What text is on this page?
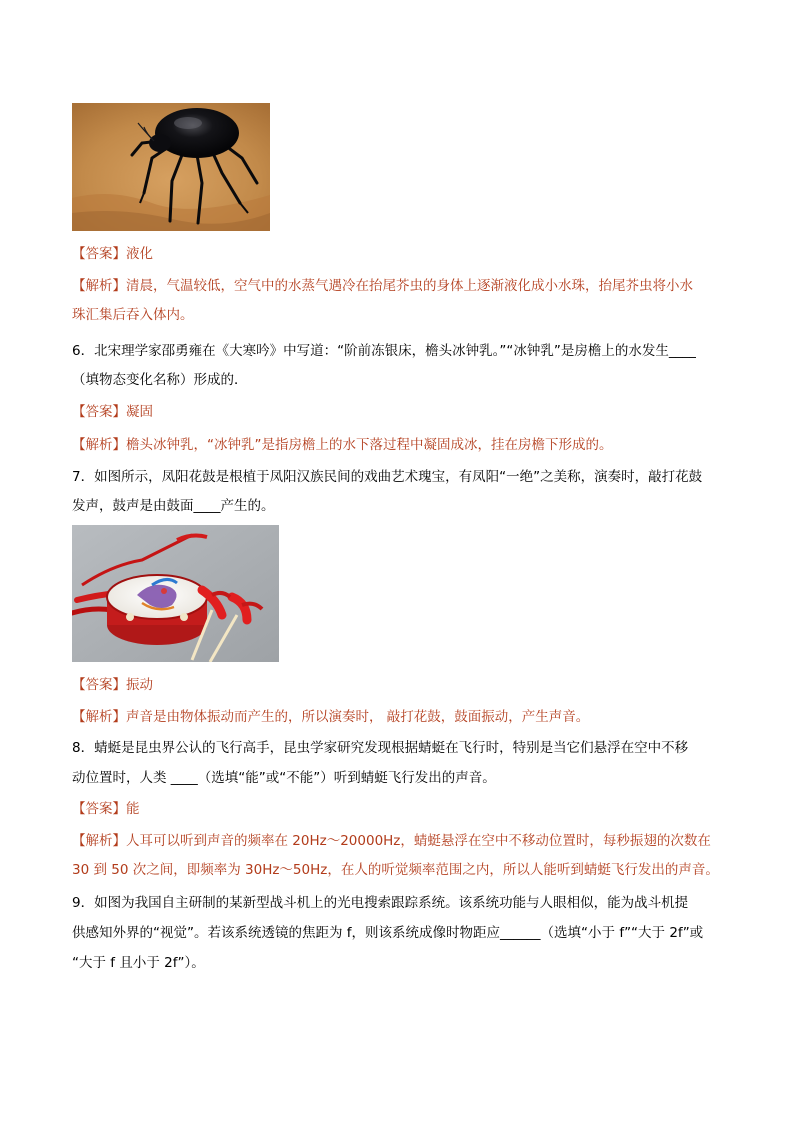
【答案】液化
【解析】清晨，气温较低，空气中的水蒸气遇冷在抬尾芥虫的身体上逐渐液化成小水珠，抬尾芥虫将小水
珠汇集后吞入体内。
6．北宋理学家邵勇雍在《大寒吟》中写道：“阶前冻银床，檐头冰钟乳。”“冰钟乳”是房檐上的水发生____
（填物态变化名称）形成的．
【答案】凝固
【解析】檐头冰钟乳，“冰钟乳”是指房檐上的水下落过程中凝固成冰，挂在房檐下形成的。
7．如图所示，凤阳花鼓是根植于凤阳汉族民间的戏曲艺术瑰宝，有凤阳“一绝”之美称，演奏时，敲打花鼓
发声，鼓声是由鼓面____产生的。
【答案】振动
【解析】声音是由物体振动而产生的，所以演奏时， 敲打花鼓，鼓面振动，产生声音。
8．蜻蜓是昆虫界公认的飞行高手，昆虫学家研究发现根据蜻蜓在飞行时，特别是当它们悬浮在空中不移
动位置时，人类 ____（选填“能”或“不能”）听到蜻蜓飞行发出的声音。
【答案】能
【解析】人耳可以听到声音的频率在 20Hz～20000Hz，蜻蜓悬浮在空中不移动位置时，每秒振翅的次数在
30 到 50 次之间，即频率为 30Hz～50Hz，在人的听觉频率范围之内，所以人能听到蜻蜓飞行发出的声音。
9．如图为我国自主研制的某新型战斗机上的光电搜索跟踪系统。该系统功能与人眼相似，能为战斗机提
供感知外界的“视觉”。若该系统透镜的焦距为 f，则该系统成像时物距应______（选填“小于 f”“大于 2f”或
“大于 f 且小于 2f”）。
